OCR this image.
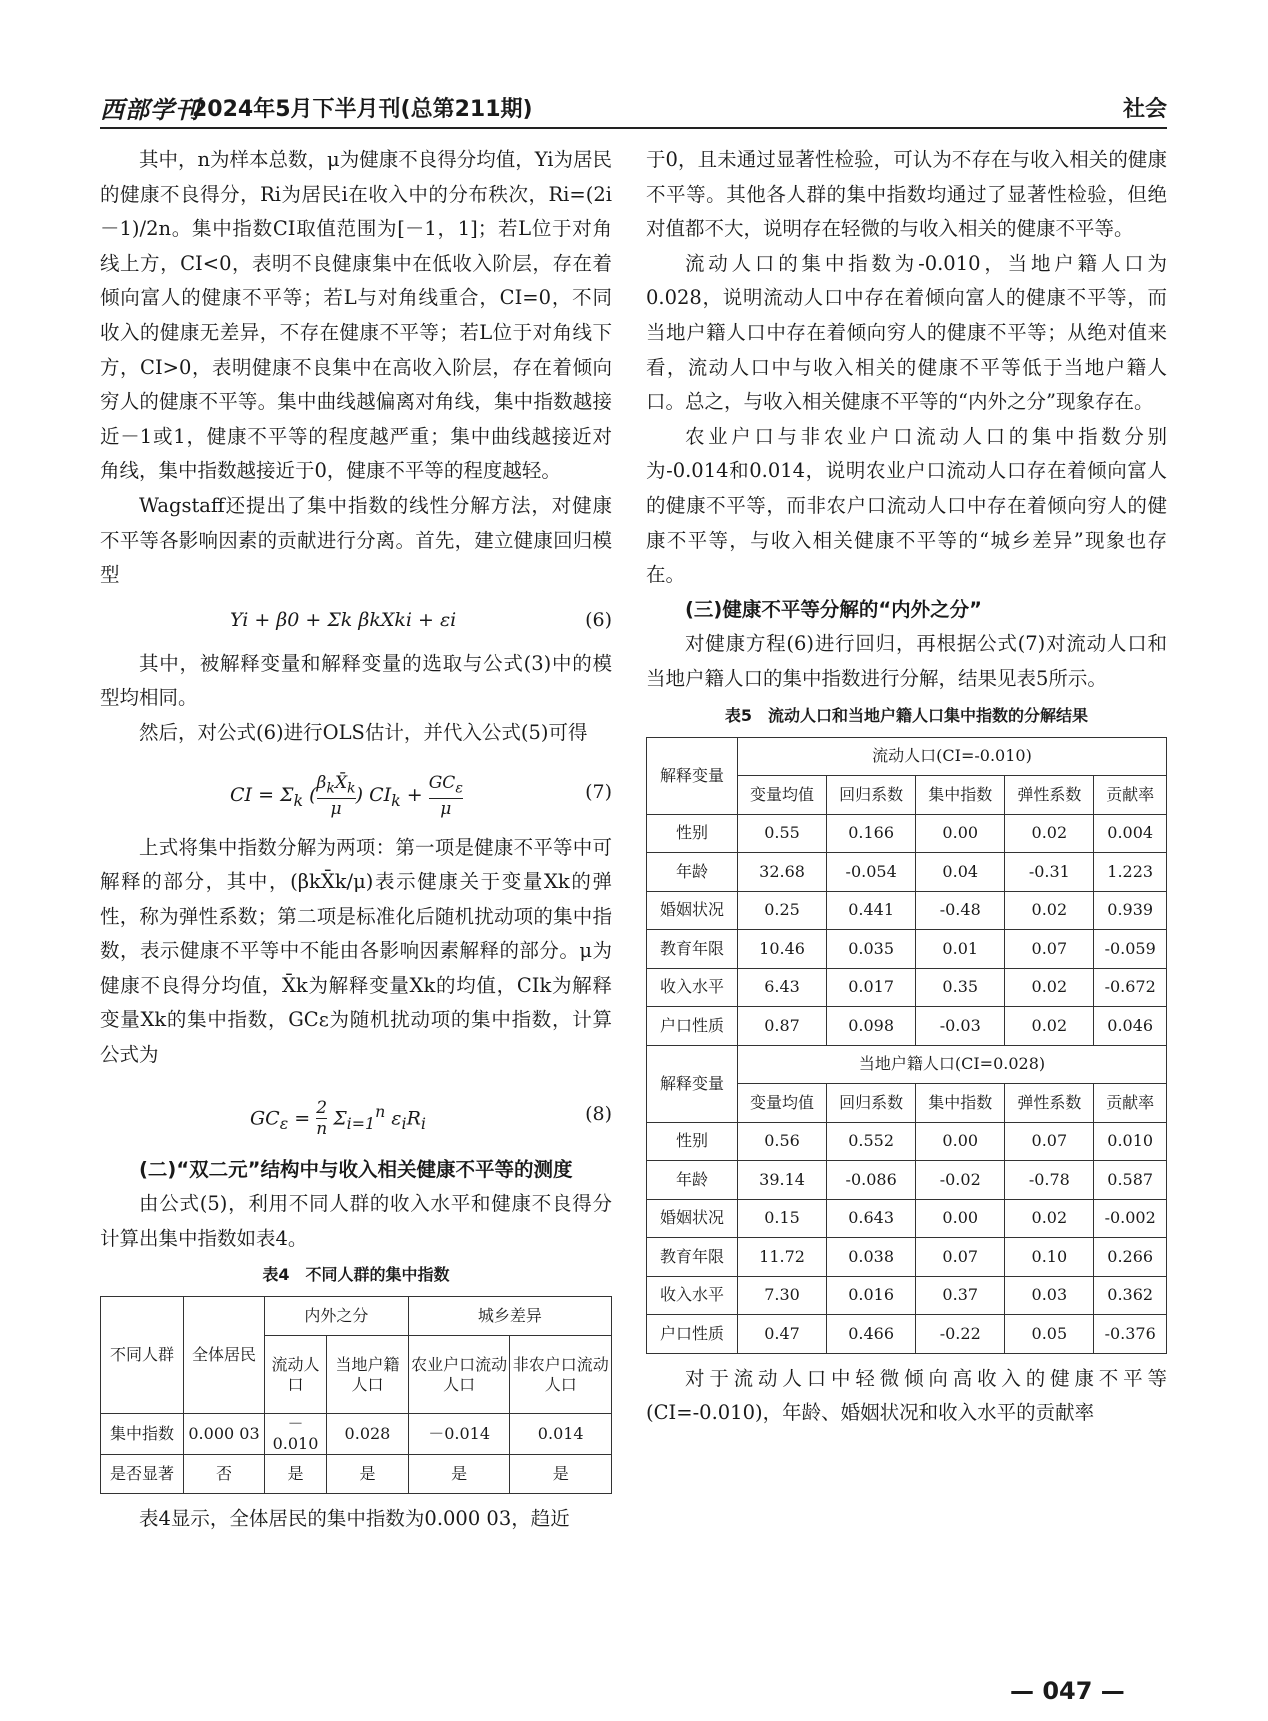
西部学刊
2024年5月下半月刊(总第211期)	社会

其中，n为样本总数，μ为健康不良得分均值，Yi为居民的健康不良得分，Ri为居民i在收入中的分布秩次，Ri=(2i－1)/2n。集中指数CI取值范围为[－1，1]；若L位于对角线上方，CI<0，表明不良健康集中在低收入阶层，存在着倾向富人的健康不平等；若L与对角线重合，CI=0，不同收入的健康无差异，不存在健康不平等；若L位于对角线下方，CI>0，表明健康不良集中在高收入阶层，存在着倾向穷人的健康不平等。集中曲线越偏离对角线，集中指数越接近－1或1，健康不平等的程度越严重；集中曲线越接近对角线，集中指数越接近于0，健康不平等的程度越轻。

Wagstaff还提出了集中指数的线性分解方法，对健康不平等各影响因素的贡献进行分离。首先，建立健康回归模型

Yi + β0 + Σk βkXki + εi	(6)

其中，被解释变量和解释变量的选取与公式(3)中的模型均相同。

然后，对公式(6)进行OLS估计，并代入公式(5)可得

CI = $\Sigma_k$ ( $\frac{\beta_kX̄_k}{\mu}$ ) $CI_k + \frac{GC_\varepsilon}{\mu}$	(7)

上式将集中指数分解为两项：第一项是健康不平等中可解释的部分，其中，(βkX̄k/μ)表示健康关于变量Xk的弹性，称为弹性系数；第二项是标准化后随机扰动项的集中指数，表示健康不平等中不能由各影响因素解释的部分。μ为健康不良得分均值，X̄k为解释变量Xk的均值，CIk为解释变量Xk的集中指数，GCε为随机扰动项的集中指数，计算公式为

$GC_\varepsilon = \frac{2}{n} \Sigma_{i=1}^n$ $\varepsilon_iR_i$	(8)

(二)“双二元”结构中与收入相关健康不平等的测度

由公式(5)，利用不同人群的收入水平和健康不良得分计算出集中指数如表4。

表4　不同人群的集中指数
不同人群	全体居民	内外之分		城乡差异	
		流动人口	当地户籍人口	农业户口流动人口	非农户口流动人口
集中指数	0.000 03	－0.010	0.028	－0.014	0.014
是否显著	否	是	是	是	是

表4显示，全体居民的集中指数为0.000 03，趋近

于0，且未通过显著性检验，可认为不存在与收入相关的健康不平等。其他各人群的集中指数均通过了显著性检验，但绝对值都不大，说明存在轻微的与收入相关的健康不平等。

流动人口的集中指数为-0.010，当地户籍人口为0.028，说明流动人口中存在着倾向富人的健康不平等，而当地户籍人口中存在着倾向穷人的健康不平等；从绝对值来看，流动人口中与收入相关的健康不平等低于当地户籍人口。总之，与收入相关健康不平等的“内外之分”现象存在。

农业户口与非农业户口流动人口的集中指数分别为-0.014和0.014，说明农业户口流动人口存在着倾向富人的健康不平等，而非农户口流动人口中存在着倾向穷人的健康不平等，与收入相关健康不平等的“城乡差异”现象也存在。

(三)健康不平等分解的“内外之分”

对健康方程(6)进行回归，再根据公式(7)对流动人口和当地户籍人口的集中指数进行分解，结果见表5所示。

表5　流动人口和当地户籍人口集中指数的分解结果
解释变量	流动人口(CI=-0.010)				
	变量均值	回归系数	集中指数	弹性系数	贡献率
性别	0.55	0.166	0.00	0.02	0.004
年龄	32.68	-0.054	0.04	-0.31	1.223
婚姻状况	0.25	0.441	-0.48	0.02	0.939
教育年限	10.46	0.035	0.01	0.07	-0.059
收入水平	6.43	0.017	0.35	0.02	-0.672
户口性质	0.87	0.098	-0.03	0.02	0.046
解释变量	当地户籍人口(CI=0.028)				
	变量均值	回归系数	集中指数	弹性系数	贡献率
性别	0.56	0.552	0.00	0.07	0.010
年龄	39.14	-0.086	-0.02	-0.78	0.587
婚姻状况	0.15	0.643	0.00	0.02	-0.002
教育年限	11.72	0.038	0.07	0.10	0.266
收入水平	7.30	0.016	0.37	0.03	0.362
户口性质	0.47	0.466	-0.22	0.05	-0.376

对于流动人口中轻微倾向高收入的健康不平等(CI=-0.010)，年龄、婚姻状况和收入水平的贡献率

— 047 —
